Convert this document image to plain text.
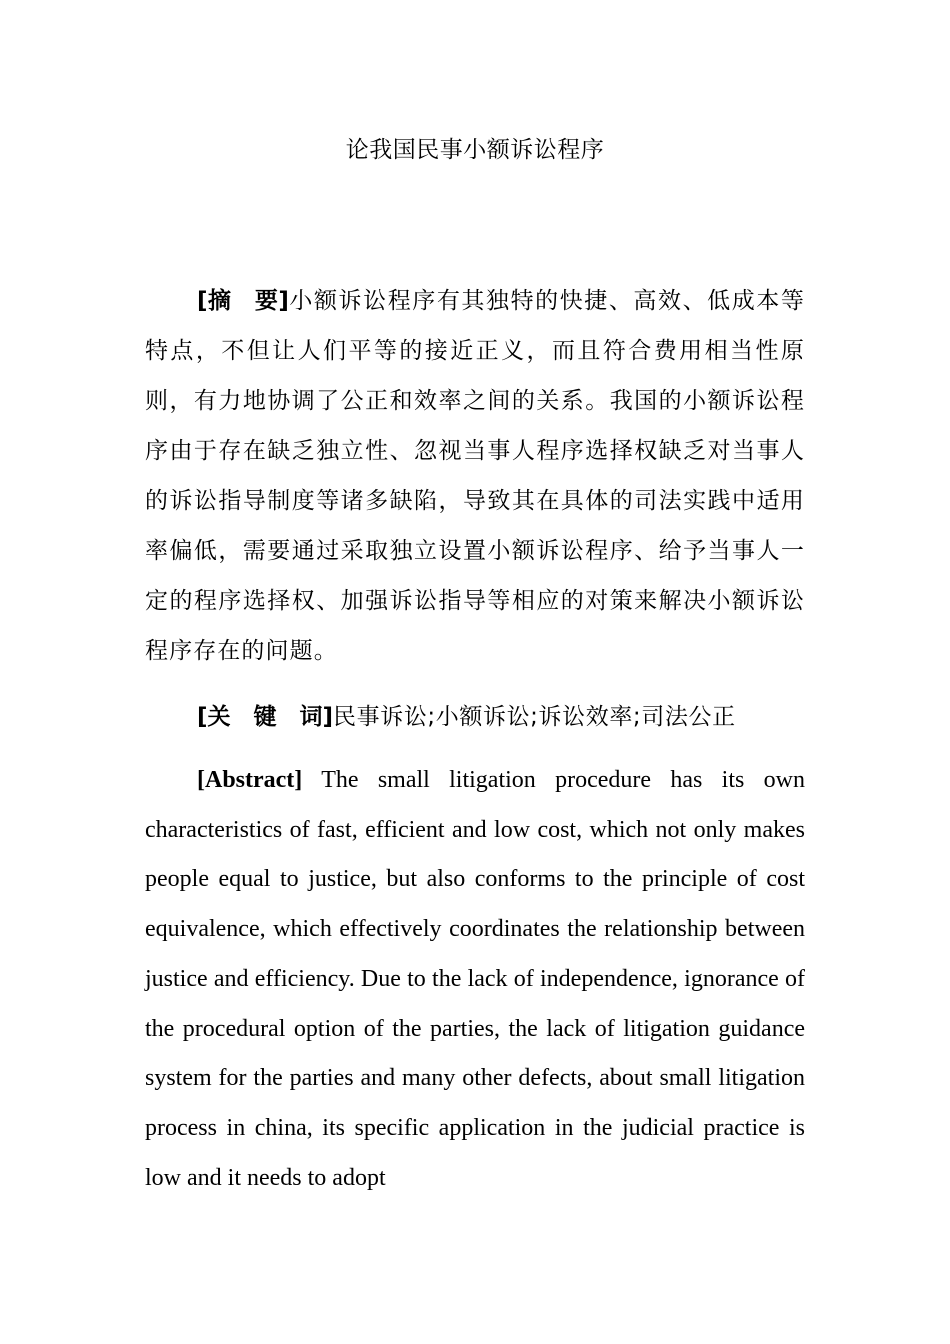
论我国民事小额诉讼程序
[摘　要]小额诉讼程序有其独特的快捷、高效、低成本等特点，不但让人们平等的接近正义，而且符合费用相当性原则，有力地协调了公正和效率之间的关系。我国的小额诉讼程序由于存在缺乏独立性、忽视当事人程序选择权缺乏对当事人的诉讼指导制度等诸多缺陷，导致其在具体的司法实践中适用率偏低，需要通过采取独立设置小额诉讼程序、给予当事人一定的程序选择权、加强诉讼指导等相应的对策来解决小额诉讼程序存在的问题。
[关　键　词]民事诉讼;小额诉讼;诉讼效率;司法公正
[Abstract] The small litigation procedure has its own characteristics of fast, efficient and low cost, which not only makes people equal to justice, but also conforms to the principle of cost equivalence, which effectively coordinates the relationship between justice and efficiency. Due to the lack of independence, ignorance of the procedural option of the parties, the lack of litigation guidance system for the parties and many other defects, about small litigation process in china, its specific application in the judicial practice is low and it needs to adopt
